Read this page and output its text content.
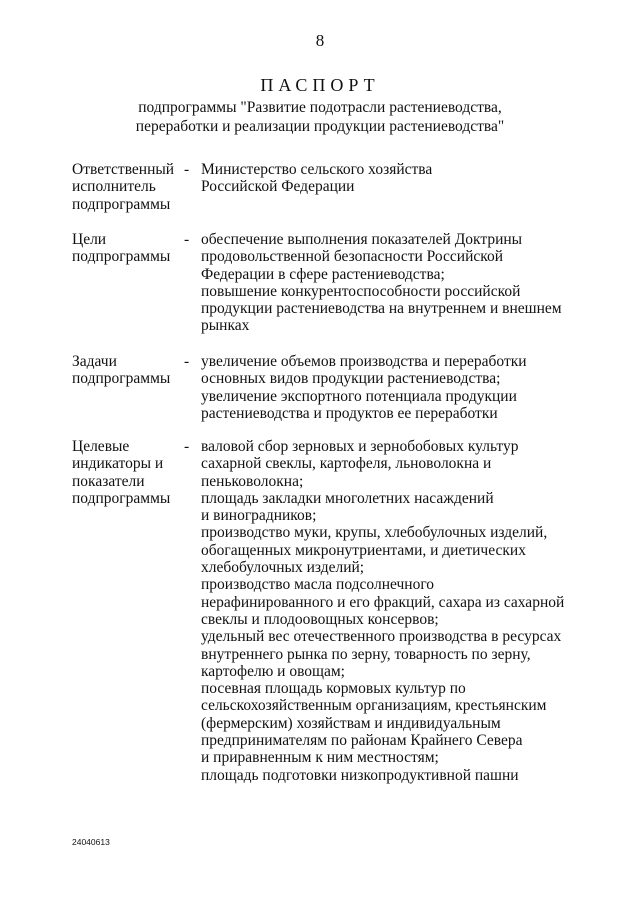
8
ПАСПОРТ
подпрограммы "Развитие подотрасли растениеводства,
переработки и реализации продукции растениеводства"
Ответственный
исполнитель
подпрограммы
- Министерство сельского хозяйства
Российской Федерации
Цели
подпрограммы
- обеспечение выполнения показателей Доктрины
продовольственной безопасности Российской
Федерации в сфере растениеводства;
повышение конкурентоспособности российской
продукции растениеводства на внутреннем и внешнем
рынках
Задачи
подпрограммы
- увеличение объемов производства и переработки
основных видов продукции растениеводства;
увеличение экспортного потенциала продукции
растениеводства и продуктов ее переработки
Целевые
индикаторы и
показатели
подпрограммы
- валовой сбор зерновых и зернобобовых культур
сахарной свеклы, картофеля, льноволокна и
пеньковолокна;
площадь закладки многолетних насаждений
и виноградников;
производство муки, крупы, хлебобулочных изделий,
обогащенных микронутриентами, и диетических
хлебобулочных изделий;
производство масла подсолнечного
нерафинированного и его фракций, сахара из сахарной
свеклы и плодоовощных консервов;
удельный вес отечественного производства в ресурсах
внутреннего рынка по зерну, товарность по зерну,
картофелю и овощам;
посевная площадь кормовых культур по
сельскохозяйственным организациям, крестьянским
(фермерским) хозяйствам и индивидуальным
предпринимателям по районам Крайнего Севера
и приравненным к ним местностям;
площадь подготовки низкопродуктивной пашни
24040613
